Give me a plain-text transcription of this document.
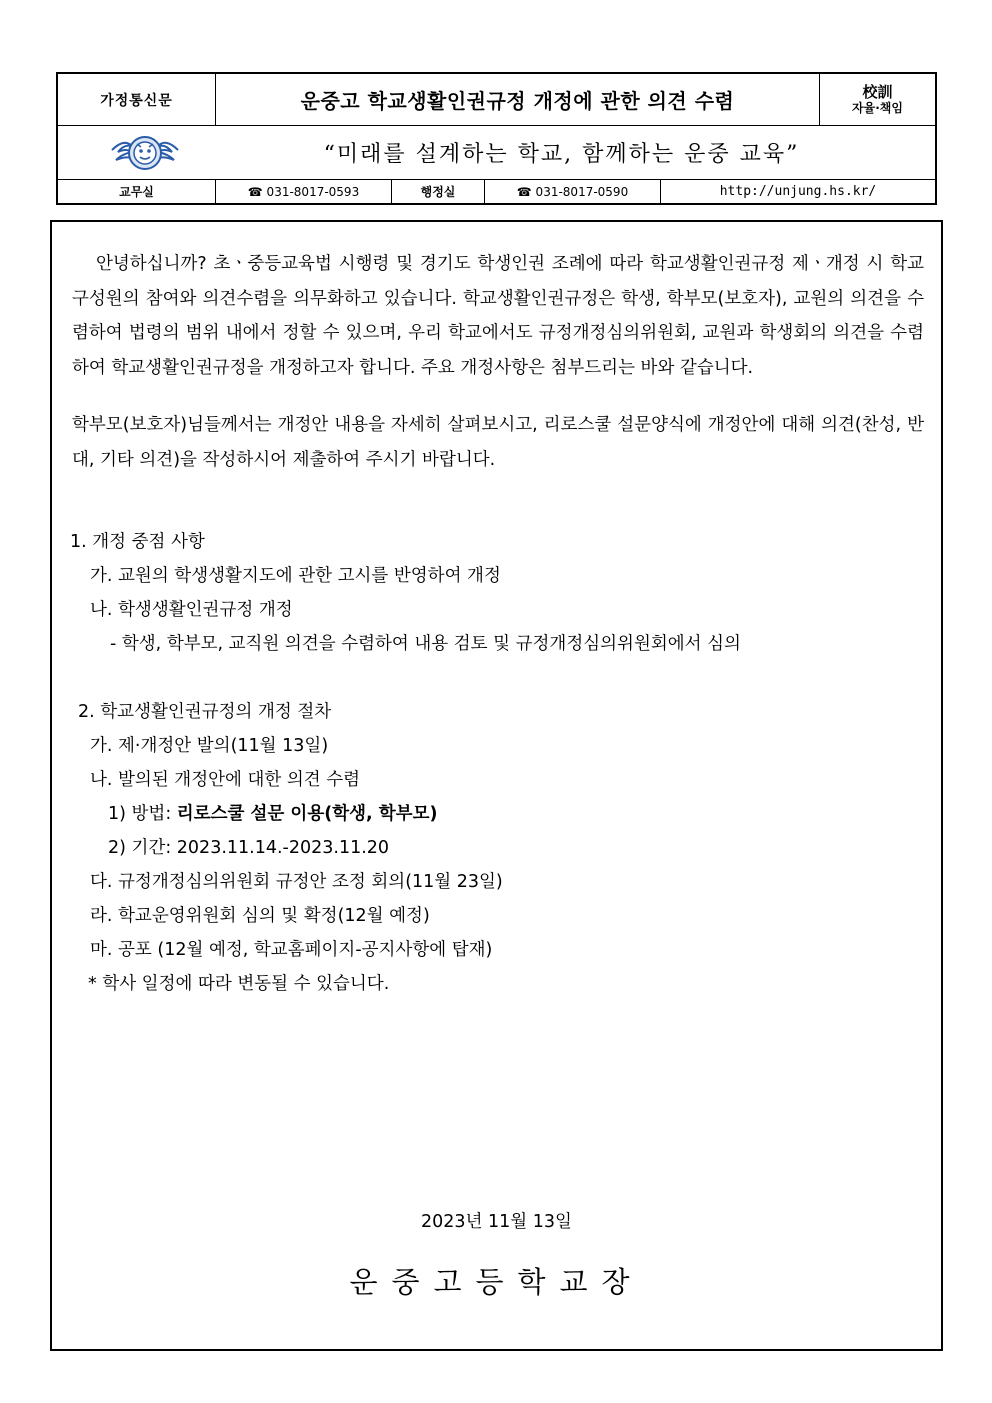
가정통신문	운중고 학교생활인권규정 개정에 관한 의견 수렴	校訓
자율·책임
“미래를 설계하는 학교, 함께하는 운중 교육”
교무실	☎ 031-8017-0593	행정실	☎ 031-8017-0590	http://unjung.hs.kr/
안녕하십니까? 초ㆍ중등교육법 시행령 및 경기도 학생인권 조례에 따라 학교생활인권규정 제ㆍ개정 시 학교 구성원의 참여와 의견수렴을 의무화하고 있습니다. 학교생활인권규정은 학생, 학부모(보호자), 교원의 의견을 수렴하여 법령의 범위 내에서 정할 수 있으며, 우리 학교에서도 규정개정심의위원회, 교원과 학생회의 의견을 수렴하여 학교생활인권규정을 개정하고자 합니다. 주요 개정사항은 첨부드리는 바와 같습니다.
학부모(보호자)님들께서는 개정안 내용을 자세히 살펴보시고, 리로스쿨 설문양식에 개정안에 대해 의견(찬성, 반대, 기타 의견)을 작성하시어 제출하여 주시기 바랍니다.
1. 개정 중점 사항
가. 교원의 학생생활지도에 관한 고시를 반영하여 개정
나. 학생생활인권규정 개정
- 학생, 학부모, 교직원 의견을 수렴하여 내용 검토 및 규정개정심의위원회에서 심의
2. 학교생활인권규정의 개정 절차
가. 제·개정안 발의(11월 13일)
나. 발의된 개정안에 대한 의견 수렴
1) 방법: 리로스쿨 설문 이용(학생, 학부모)
2) 기간: 2023.11.14.-2023.11.20
다. 규정개정심의위원회 규정안 조정 회의(11월 23일)
라. 학교운영위원회 심의 및 확정(12월 예정)
마. 공포 (12월 예정, 학교홈페이지-공지사항에 탑재)
* 학사 일정에 따라 변동될 수 있습니다.
2023년 11월 13일
운중고등학교장
